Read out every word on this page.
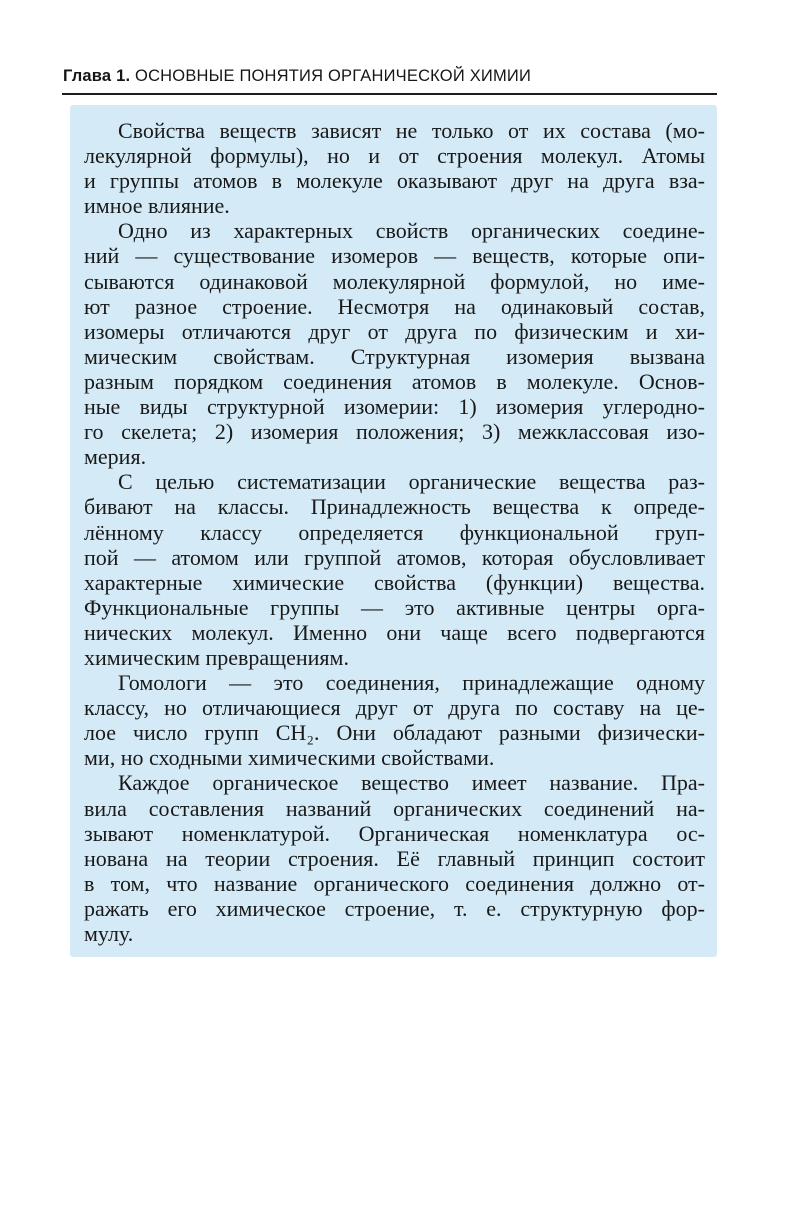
Глава 1. ОСНОВНЫЕ ПОНЯТИЯ ОРГАНИЧЕСКОЙ ХИМИИ
Свойства веществ зависят не только от их состава (мо-
лекулярной формулы), но и от строения молекул. Атомы
и группы атомов в молекуле оказывают друг на друга вза-
имное влияние.
Одно из характерных свойств органических соедине-
ний — существование изомеров — веществ, которые опи-
сываются одинаковой молекулярной формулой, но име-
ют разное строение. Несмотря на одинаковый состав,
изомеры отличаются друг от друга по физическим и хи-
мическим свойствам. Структурная изомерия вызвана
разным порядком соединения атомов в молекуле. Основ-
ные виды структурной изомерии: 1) изомерия углеродно-
го скелета; 2) изомерия положения; 3) межклассовая изо-
мерия.
С целью систематизации органические вещества раз-
бивают на классы. Принадлежность вещества к опреде-
лённому классу определяется функциональной груп-
пой — атомом или группой атомов, которая обусловливает
характерные химические свойства (функции) вещества.
Функциональные группы — это активные центры орга-
нических молекул. Именно они чаще всего подвергаются
химическим превращениям.
Гомологи — это соединения, принадлежащие одному
классу, но отличающиеся друг от друга по составу на це-
лое число групп CH₂. Они обладают разными физически-
ми, но сходными химическими свойствами.
Каждое органическое вещество имеет название. Пра-
вила составления названий органических соединений на-
зывают номенклатурой. Органическая номенклатура ос-
нована на теории строения. Её главный принцип состоит
в том, что название органического соединения должно от-
ражать его химическое строение, т. е. структурную фор-
мулу.
